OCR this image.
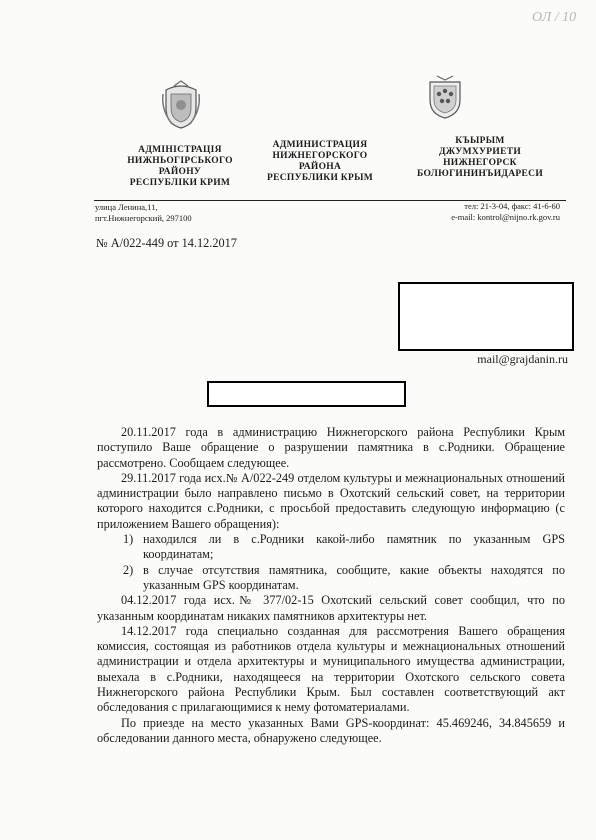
ОЛ / 10
АДМІНІСТРАЦІЯ
НИЖНЬОГІРСЬКОГО
РАЙОНУ
РЕСПУБЛІКИ КРИМ
АДМИНИСТРАЦИЯ
НИЖНЕГОРСКОГО
РАЙОНА
РЕСПУБЛИКИ КРЫМ
КЪЫРЫМ
ДЖУМХУРИЕТИ
НИЖНЕГОРСК
БОЛЮГИНИНЪИДАРЕСИ
улица Ленина,11,
пгт.Нижнегорский, 297100
тел: 21-3-04, факс: 41-6-60
e-mail: kontrol@nijno.rk.gov.ru
№ А/022-449 от 14.12.2017
mail@grajdanin.ru

20.11.2017 года в администрацию Нижнегорского района Республики Крым поступило Ваше обращение о разрушении памятника в с.Родники. Обращение рассмотрено. Сообщаем следующее.

29.11.2017 года исх.№ А/022-249 отделом культуры и межнациональных отношений администрации было направлено письмо в Охотский сельский совет, на территории которого находится с.Родники, с просьбой предоставить следующую информацию (с приложением Вашего обращения):

1) находился ли в с.Родники какой-либо памятник по указанным GPS координатам;
2) в случае отсутствия памятника, сообщите, какие объекты находятся по указанным GPS координатам.

04.12.2017 года исх.№ 377/02-15 Охотский сельский совет сообщил, что по указанным координатам никаких памятников архитектуры нет.

14.12.2017 года специально созданная для рассмотрения Вашего обращения комиссия, состоящая из работников отдела культуры и межнациональных отношений администрации и отдела архитектуры и муниципального имущества администрации, выехала в с.Родники, находящееся на территории Охотского сельского совета Нижнегорского района Республики Крым. Был составлен соответствующий акт обследования с прилагающимися к нему фотоматериалами.

По приезде на место указанных Вами GPS-координат: 45.469246, 34.845659 и обследовании данного места, обнаружено следующее.
